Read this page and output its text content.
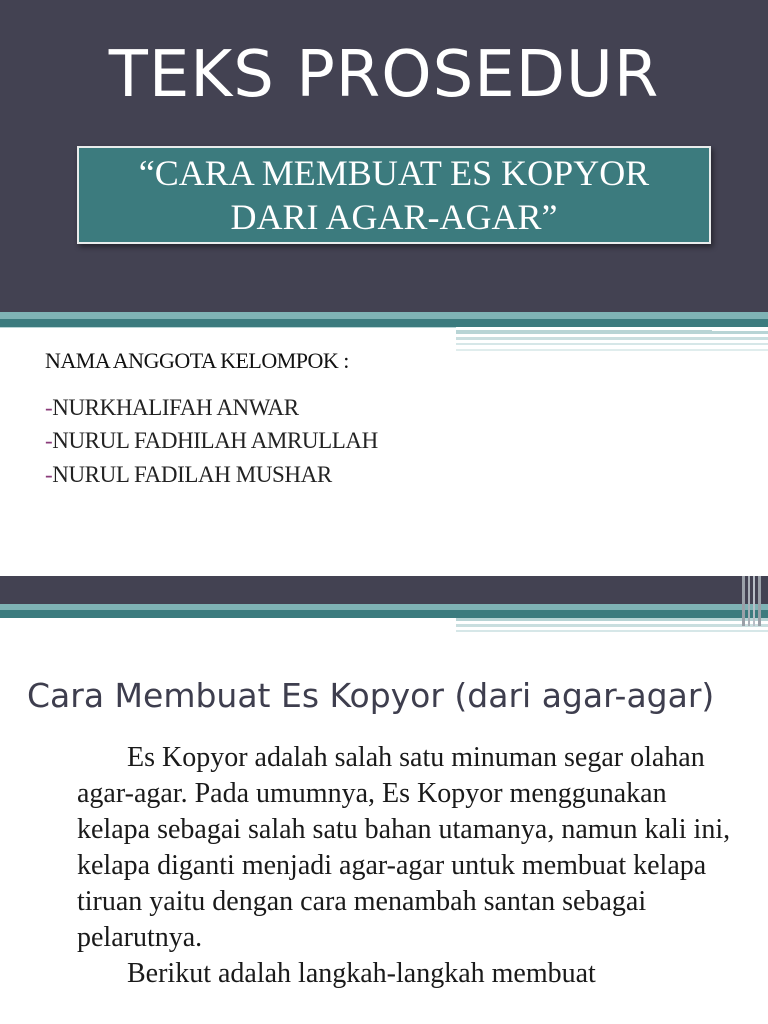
TEKS PROSEDUR
“CARA MEMBUAT ES KOPYOR
DARI AGAR-AGAR”
NAMA ANGGOTA KELOMPOK :
-NURKHALIFAH ANWAR
-NURUL FADHILAH AMRULLAH
-NURUL FADILAH MUSHAR
Cara Membuat Es Kopyor (dari agar-agar)

Es Kopyor adalah salah satu minuman segar olahan agar-agar. Pada umumnya, Es Kopyor menggunakan kelapa sebagai salah satu bahan utamanya, namun kali ini, kelapa diganti menjadi agar-agar untuk membuat kelapa tiruan yaitu dengan cara menambah santan sebagai pelarutnya.

Berikut adalah langkah-langkah membuat
